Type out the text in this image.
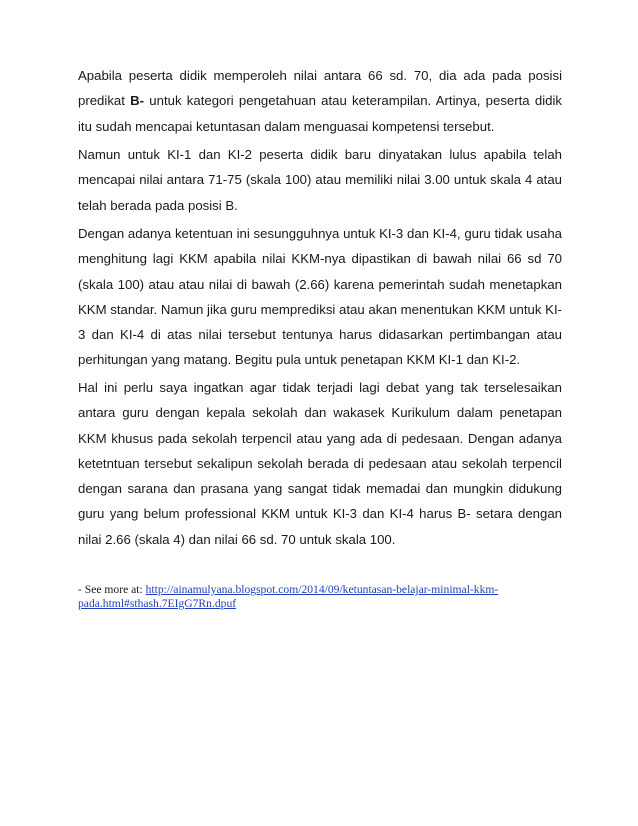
Apabila peserta didik memperoleh nilai antara 66 sd. 70, dia ada pada posisi predikat B- untuk kategori pengetahuan atau keterampilan. Artinya, peserta didik itu sudah mencapai ketuntasan dalam menguasai kompetensi tersebut.

Namun untuk KI-1 dan KI-2 peserta didik baru dinyatakan lulus apabila telah mencapai nilai antara 71-75 (skala 100) atau memiliki nilai 3.00 untuk skala 4 atau telah berada pada posisi B.

Dengan adanya ketentuan ini sesungguhnya untuk KI-3 dan KI-4, guru tidak usaha menghitung lagi KKM apabila nilai KKM-nya dipastikan di bawah nilai 66 sd 70 (skala 100) atau atau nilai di bawah (2.66) karena pemerintah sudah menetapkan KKM standar. Namun jika guru memprediksi atau akan menentukan KKM untuk KI-3 dan KI-4 di atas nilai tersebut tentunya harus didasarkan pertimbangan atau perhitungan yang matang. Begitu pula untuk penetapan KKM KI-1 dan KI-2.

Hal ini perlu saya ingatkan agar tidak terjadi lagi debat yang tak terselesaikan antara guru dengan kepala sekolah dan wakasek Kurikulum dalam penetapan KKM khusus pada sekolah terpencil atau yang ada di pedesaan. Dengan adanya ketetntuan tersebut sekalipun sekolah berada di pedesaan atau sekolah terpencil dengan sarana dan prasana yang sangat tidak memadai dan mungkin didukung guru yang belum professional KKM untuk KI-3 dan KI-4 harus B- setara dengan nilai 2.66 (skala 4) dan nilai 66 sd. 70 untuk skala 100.

- See more at: http://ainamulyana.blogspot.com/2014/09/ketuntasan-belajar-minimal-kkm-
pada.html#sthash.7EIgG7Rn.dpuf
